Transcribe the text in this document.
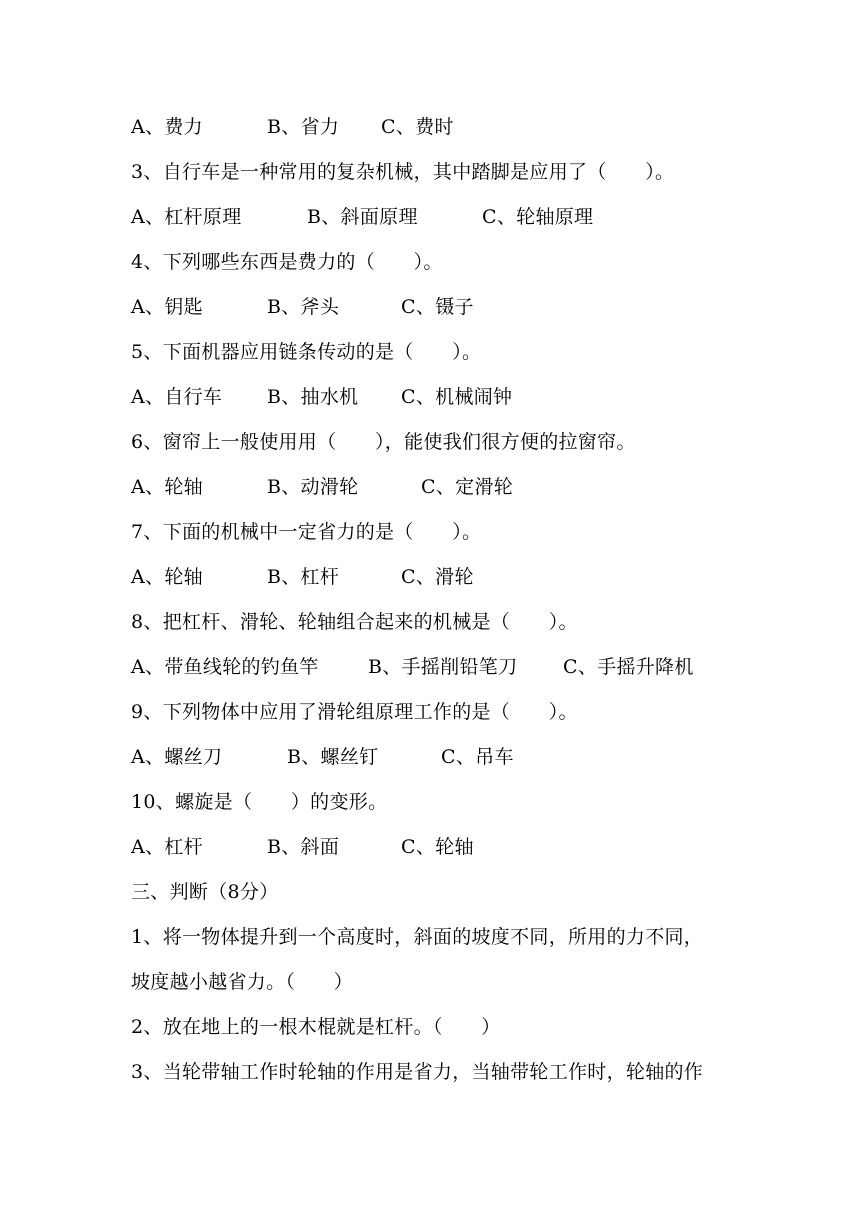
A、费力	B、省力 C、费时
3、自行车是一种常用的复杂机械，其中踏脚是应用了（　　）。
A、杠杆原理	B、斜面原理	C、轮轴原理
4、下列哪些东西是费力的（　　）。
A、钥匙	B、斧头	C、镊子
5、下面机器应用链条传动的是（　　）。
A、自行车 B、抽水机 C、机械闹钟
6、窗帘上一般使用用（　　），能使我们很方便的拉窗帘。
A、轮轴	B、动滑轮	C、定滑轮
7、下面的机械中一定省力的是（　　）。
A、轮轴	B、杠杆	C、滑轮
8、把杠杆、滑轮、轮轴组合起来的机械是（　　）。
A、带鱼线轮的钓鱼竿	B、手摇削铅笔刀 C、手摇升降机
9、下列物体中应用了滑轮组原理工作的是（　　）。
A、螺丝刀	B、螺丝钉	C、吊车
10、螺旋是（　　）的变形。
A、杠杆	B、斜面	C、轮轴
三、判断（8分）
1、将一物体提升到一个高度时，斜面的坡度不同，所用的力不同，
坡度越小越省力。（　　）
2、放在地上的一根木棍就是杠杆。（　　）
3、当轮带轴工作时轮轴的作用是省力，当轴带轮工作时，轮轴的作
